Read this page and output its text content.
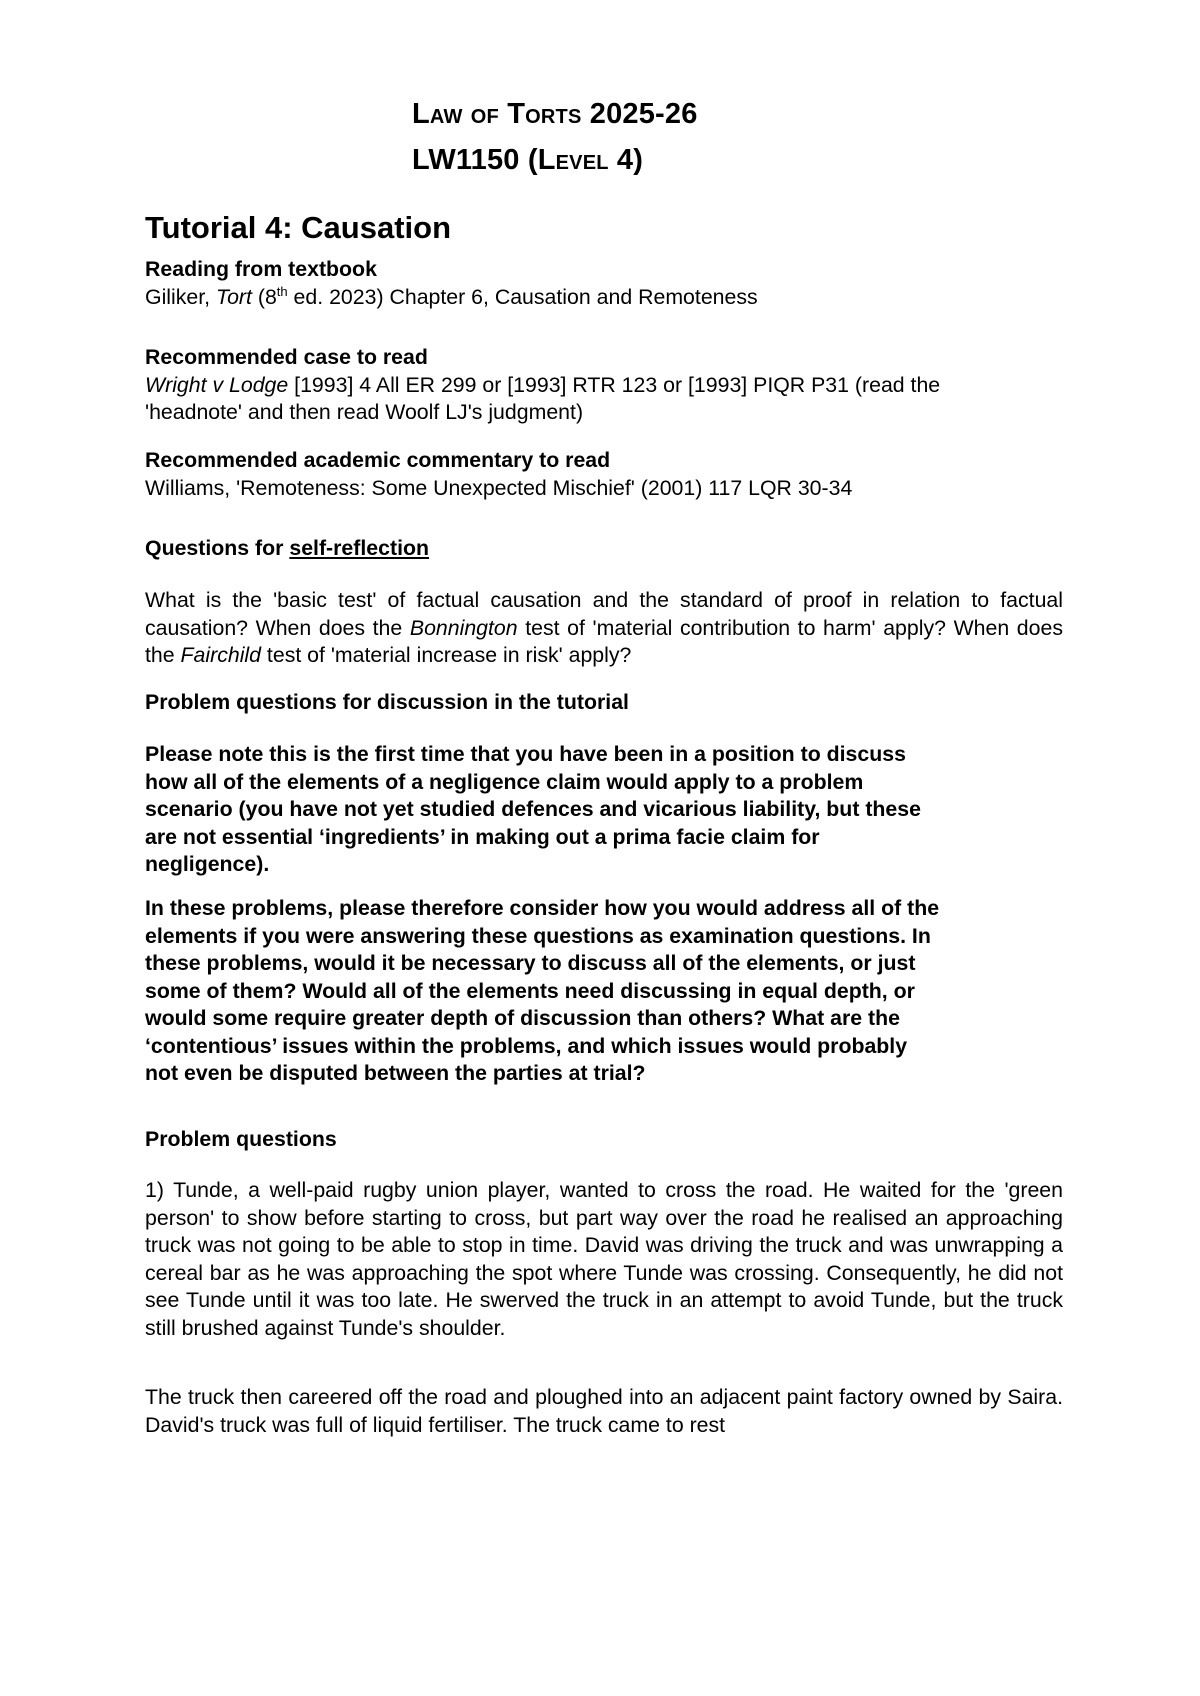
Law of Torts 2025-26
LW1150 (Level 4)
Tutorial 4: Causation
Reading from textbook
Giliker, Tort (8th ed. 2023) Chapter 6, Causation and Remoteness
Recommended case to read
Wright v Lodge [1993] 4 All ER 299 or [1993] RTR 123 or [1993] PIQR P31 (read the
'headnote' and then read Woolf LJ's judgment)
Recommended academic commentary to read
Williams, 'Remoteness: Some Unexpected Mischief' (2001) 117 LQR 30-34
Questions for self-reflection
What is the 'basic test' of factual causation and the standard of proof in relation to factual causation? When does the Bonnington test of 'material contribution to harm' apply? When does the Fairchild test of 'material increase in risk' apply?
Problem questions for discussion in the tutorial
Please note this is the first time that you have been in a position to discuss
how all of the elements of a negligence claim would apply to a problem
scenario (you have not yet studied defences and vicarious liability, but these
are not essential ‘ingredients’ in making out a prima facie claim for
negligence).
In these problems, please therefore consider how you would address all of the
elements if you were answering these questions as examination questions. In
these problems, would it be necessary to discuss all of the elements, or just
some of them? Would all of the elements need discussing in equal depth, or
would some require greater depth of discussion than others? What are the
‘contentious’ issues within the problems, and which issues would probably
not even be disputed between the parties at trial?
Problem questions
1) Tunde, a well-paid rugby union player, wanted to cross the road. He waited for the 'green person' to show before starting to cross, but part way over the road he realised an approaching truck was not going to be able to stop in time. David was driving the truck and was unwrapping a cereal bar as he was approaching the spot where Tunde was crossing. Consequently, he did not see Tunde until it was too late. He swerved the truck in an attempt to avoid Tunde, but the truck still brushed against Tunde's shoulder.
The truck then careered off the road and ploughed into an adjacent paint factory owned by Saira. David's truck was full of liquid fertiliser. The truck came to rest
